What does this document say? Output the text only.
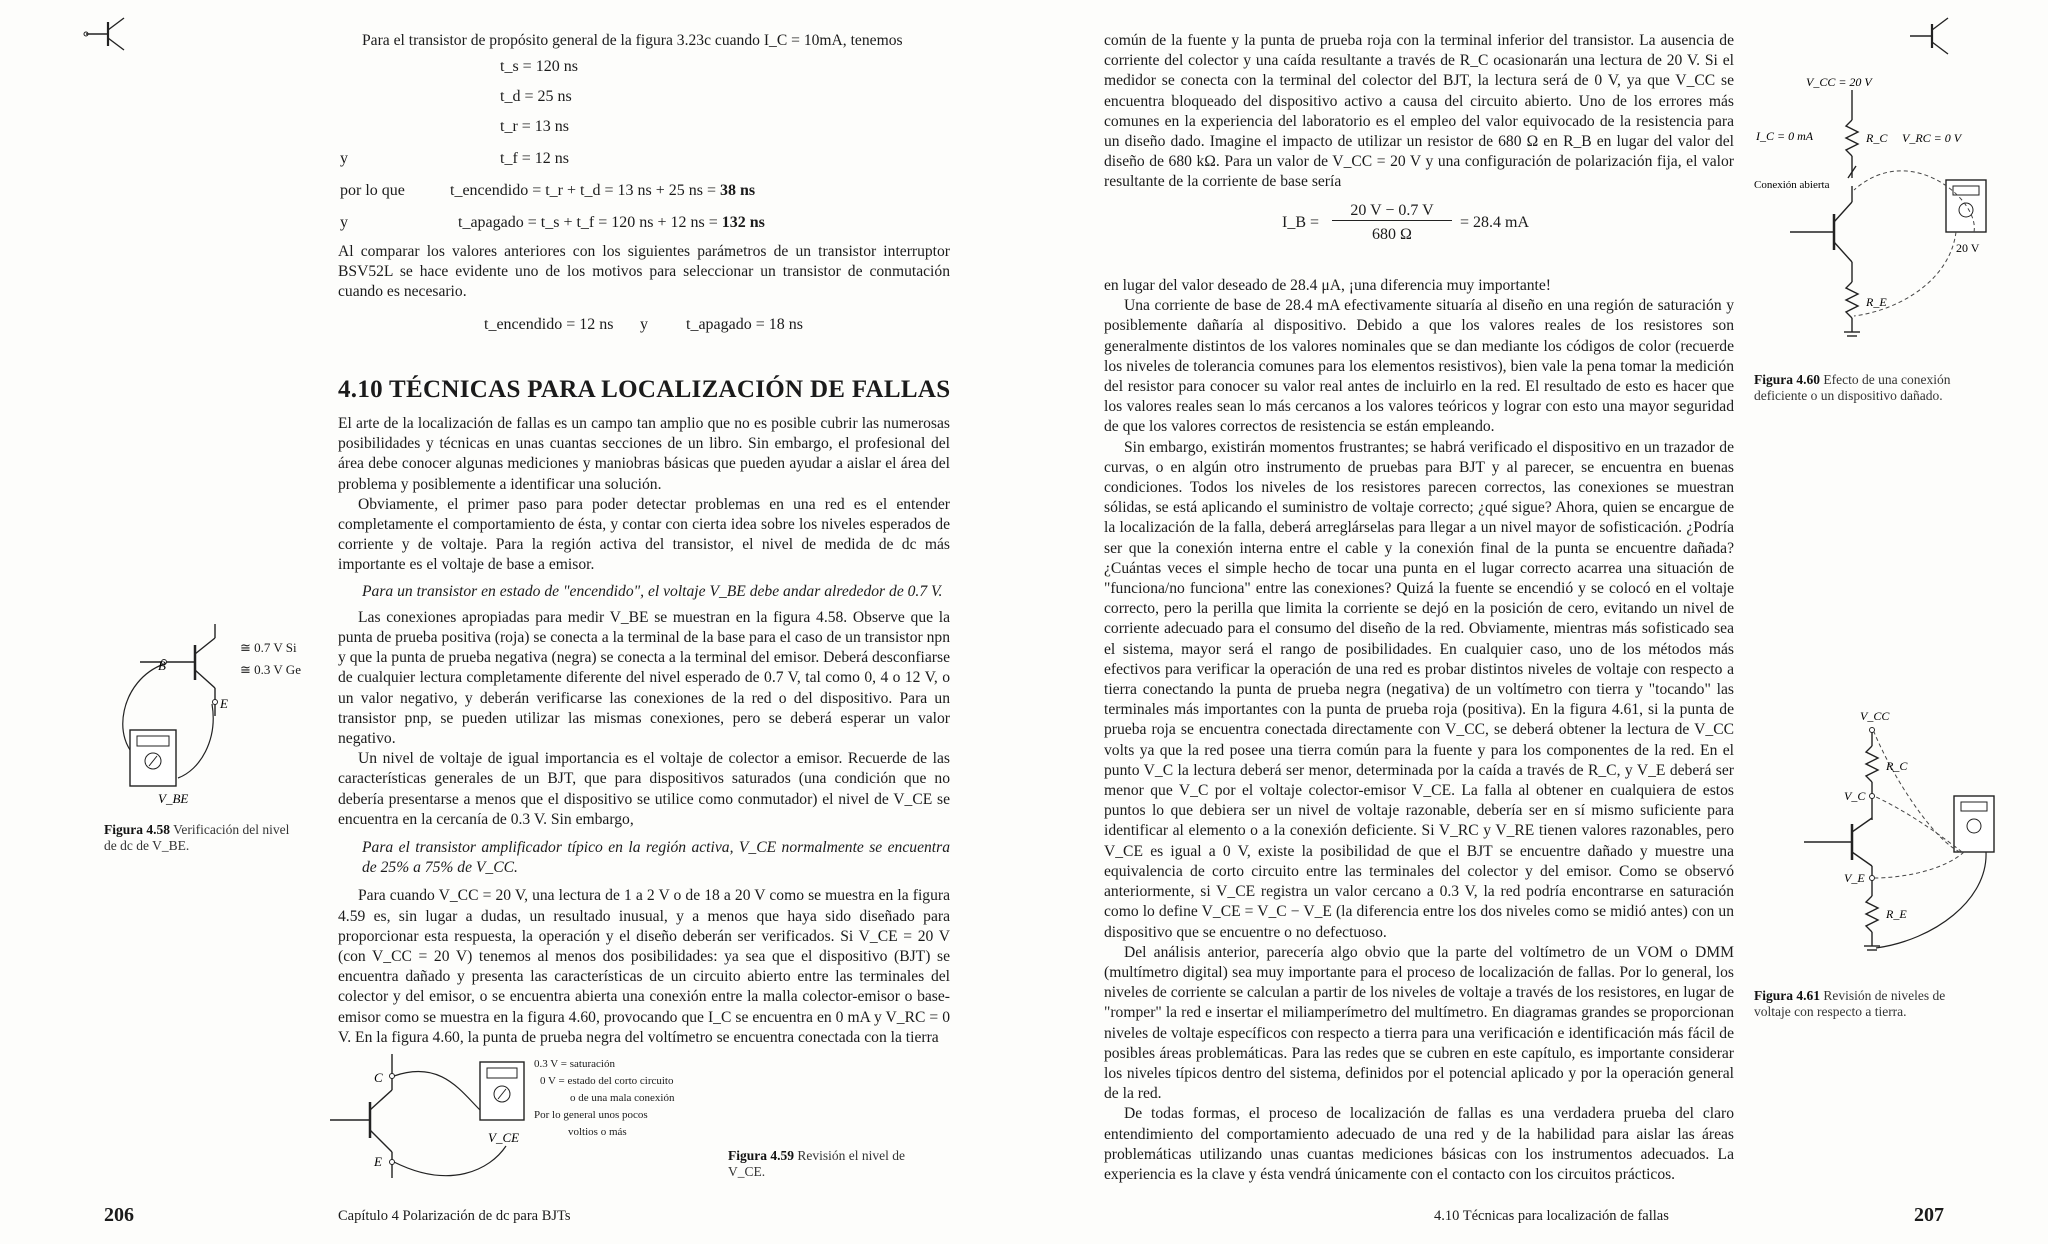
Para el transistor de propósito general de la figura 3.23c cuando I_C = 10mA, tenemos
t_s = 120 ns
t_d = 25 ns
t_r = 13 ns
y	t_f = 12 ns
por lo que	t_encendido = t_r + t_d = 13 ns + 25 ns = 38 ns
y	t_apagado = t_s + t_f = 120 ns + 12 ns = 132 ns
Al comparar los valores anteriores con los siguientes parámetros de un transistor interruptor BSV52L se hace evidente uno de los motivos para seleccionar un transistor de conmutación cuando es necesario.
t_encendido = 12 ns y t_apagado = 18 ns
4.10 TÉCNICAS PARA LOCALIZACIÓN DE FALLAS

El arte de la localización de fallas es un campo tan amplio que no es posible cubrir las numerosas posibilidades y técnicas en unas cuantas secciones de un libro. Sin embargo, el profesional del área debe conocer algunas mediciones y maniobras básicas que pueden ayudar a aislar el área del problema y posiblemente a identificar una solución.

Obviamente, el primer paso para poder detectar problemas en una red es el entender completamente el comportamiento de ésta, y contar con cierta idea sobre los niveles esperados de corriente y de voltaje. Para la región activa del transistor, el nivel de medida de dc más importante es el voltaje de base a emisor.

Para un transistor en estado de "encendido", el voltaje V_BE debe andar alrededor de 0.7 V.

Las conexiones apropiadas para medir V_BE se muestran en la figura 4.58. Observe que la punta de prueba positiva (roja) se conecta a la terminal de la base para el caso de un transistor npn y que la punta de prueba negativa (negra) se conecta a la terminal del emisor. Deberá desconfiarse de cualquier lectura completamente diferente del nivel esperado de 0.7 V, tal como 0, 4 o 12 V, o un valor negativo, y deberán verificarse las conexiones de la red o del dispositivo. Para un transistor pnp, se pueden utilizar las mismas conexiones, pero se deberá esperar un valor negativo.

Un nivel de voltaje de igual importancia es el voltaje de colector a emisor. Recuerde de las características generales de un BJT, que para dispositivos saturados (una condición que no debería presentarse a menos que el dispositivo se utilice como conmutador) el nivel de V_CE se encuentra en la cercanía de 0.3 V. Sin embargo,

Para el transistor amplificador típico en la región activa, V_CE normalmente se encuentra de 25% a 75% de V_CC.

Para cuando V_CC = 20 V, una lectura de 1 a 2 V o de 18 a 20 V como se muestra en la figura 4.59 es, sin lugar a dudas, un resultado inusual, y a menos que haya sido diseñado para proporcionar esta respuesta, la operación y el diseño deberán ser verificados. Si V_CE = 20 V (con V_CC = 20 V) tenemos al menos dos posibilidades: ya sea que el dispositivo (BJT) se encuentra dañado y presenta las características de un circuito abierto entre las terminales del colector y del emisor, o se encuentra abierta una conexión entre la malla colector-emisor o base-emisor como se muestra en la figura 4.60, provocando que I_C se encuentra en 0 mA y V_RC = 0 V. En la figura 4.60, la punta de prueba negra del voltímetro se encuentra conectada con la tierra

V_BE
B
E
≅ 0.7 V Si
≅ 0.3 V Ge
Figura 4.58 Verificación del nivel de dc de V_BE.
C
E
V_CE
0.3 V = saturación
0 V = estado del corto circuito
o de una mala conexión
Por lo general unos pocos
voltios o más
Figura 4.59 Revisión el nivel de V_CE.
206	Capítulo 4 Polarización de dc para BJTs
común de la fuente y la punta de prueba roja con la terminal inferior del transistor. La ausencia de corriente del colector y una caída resultante a través de R_C ocasionarán una lectura de 20 V. Si el medidor se conecta con la terminal del colector del BJT, la lectura será de 0 V, ya que V_CC se encuentra bloqueado del dispositivo activo a causa del circuito abierto. Uno de los errores más comunes en la experiencia del laboratorio es el empleo del valor equivocado de la resistencia para un diseño dado. Imagine el impacto de utilizar un resistor de 680 Ω en R_B en lugar del valor del diseño de 680 kΩ. Para un valor de V_CC = 20 V y una configuración de polarización fija, el valor resultante de la corriente de base sería
I_B =
20 V − 0.7 V
680 Ω
= 28.4 mA

en lugar del valor deseado de 28.4 μA, ¡una diferencia muy importante!

Una corriente de base de 28.4 mA efectivamente situaría al diseño en una región de saturación y posiblemente dañaría al dispositivo. Debido a que los valores reales de los resistores son generalmente distintos de los valores nominales que se dan mediante los códigos de color (recuerde los niveles de tolerancia comunes para los elementos resistivos), bien vale la pena tomar la medición del resistor para conocer su valor real antes de incluirlo en la red. El resultado de esto es hacer que los valores reales sean lo más cercanos a los valores teóricos y lograr con esto una mayor seguridad de que los valores correctos de resistencia se están empleando.

Sin embargo, existirán momentos frustrantes; se habrá verificado el dispositivo en un trazador de curvas, o en algún otro instrumento de pruebas para BJT y al parecer, se encuentra en buenas condiciones. Todos los niveles de los resistores parecen correctos, las conexiones se muestran sólidas, se está aplicando el suministro de voltaje correcto; ¿qué sigue? Ahora, quien se encargue de la localización de la falla, deberá arreglárselas para llegar a un nivel mayor de sofisticación. ¿Podría ser que la conexión interna entre el cable y la conexión final de la punta se encuentre dañada? ¿Cuántas veces el simple hecho de tocar una punta en el lugar correcto acarrea una situación de "funciona/no funciona" entre las conexiones? Quizá la fuente se encendió y se colocó en el voltaje correcto, pero la perilla que limita la corriente se dejó en la posición de cero, evitando un nivel de corriente adecuado para el consumo del diseño de la red. Obviamente, mientras más sofisticado sea el sistema, mayor será el rango de posibilidades. En cualquier caso, uno de los métodos más efectivos para verificar la operación de una red es probar distintos niveles de voltaje con respecto a tierra conectando la punta de prueba negra (negativa) de un voltímetro con tierra y "tocando" las terminales más importantes con la punta de prueba roja (positiva). En la figura 4.61, si la punta de prueba roja se encuentra conectada directamente con V_CC, se deberá obtener la lectura de V_CC volts ya que la red posee una tierra común para la fuente y para los componentes de la red. En el punto V_C la lectura deberá ser menor, determinada por la caída a través de R_C, y V_E deberá ser menor que V_C por el voltaje colector-emisor V_CE. La falla al obtener en cualquiera de estos puntos lo que debiera ser un nivel de voltaje razonable, debería ser en sí mismo suficiente para identificar al elemento o a la conexión deficiente. Si V_RC y V_RE tienen valores razonables, pero V_CE es igual a 0 V, existe la posibilidad de que el BJT se encuentre dañado y muestre una equivalencia de corto circuito entre las terminales del colector y del emisor. Como se observó anteriormente, si V_CE registra un valor cercano a 0.3 V, la red podría encontrarse en saturación como lo define V_CE = V_C − V_E (la diferencia entre los dos niveles como se midió antes) con un dispositivo que se encuentre o no defectuoso.

Del análisis anterior, parecería algo obvio que la parte del voltímetro de un VOM o DMM (multímetro digital) sea muy importante para el proceso de localización de fallas. Por lo general, los niveles de corriente se calculan a partir de los niveles de voltaje a través de los resistores, en lugar de "romper" la red e insertar el miliamperímetro del multímetro. En diagramas grandes se proporcionan niveles de voltaje específicos con respecto a tierra para una verificación e identificación más fácil de posibles áreas problemáticas. Para las redes que se cubren en este capítulo, es importante considerar los niveles típicos dentro del sistema, definidos por el potencial aplicado y por la operación general de la red.

De todas formas, el proceso de localización de fallas es una verdadera prueba del claro entendimiento del comportamiento adecuado de una red y de la habilidad para aislar las áreas problemáticas utilizando unas cuantas mediciones básicas con los instrumentos adecuados. La experiencia es la clave y ésta vendrá únicamente con el contacto con los circuitos prácticos.

V_CC = 20 V
I_C = 0 mA	R_C V_RC = 0 V
Conexión abierta
20 V
R_E
Figura 4.60 Efecto de una conexión deficiente o un dispositivo dañado.
V_CC
R_C
V_C
V_E
R_E
Figura 4.61 Revisión de niveles de voltaje con respecto a tierra.
4.10 Técnicas para localización de fallas	207
